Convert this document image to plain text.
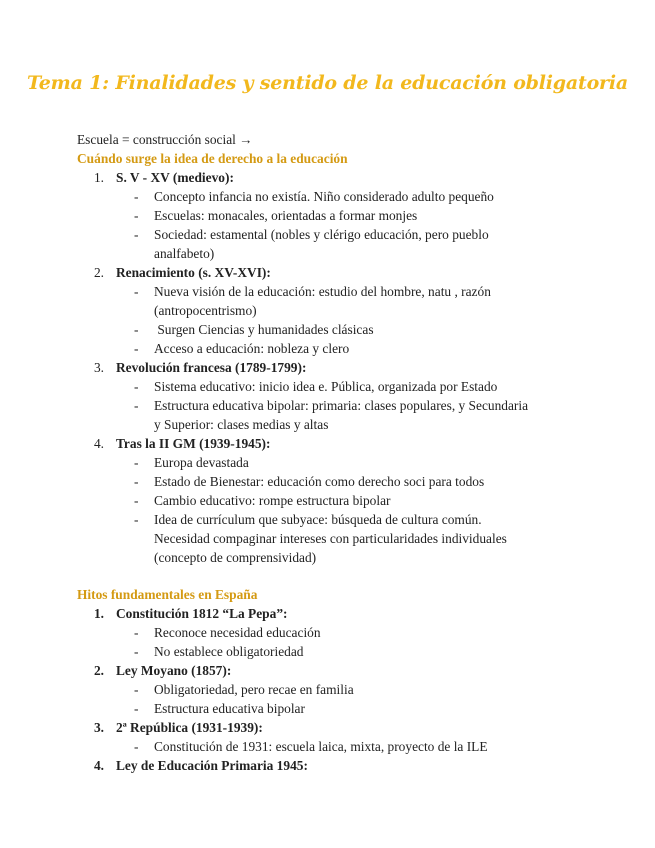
Tema 1: Finalidades y sentido de la educación obligatoria
Escuela = construcción social →
Cuándo surge la idea de derecho a la educación
1. S. V - XV (medievo):
- Concepto infancia no existía. Niño considerado adulto pequeño
- Escuelas: monacales, orientadas a formar monjes
- Sociedad: estamental (nobles y clérigo educación, pero pueblo
analfabeto)
2. Renacimiento (s. XV-XVI):
- Nueva visión de la educación: estudio del hombre, natu , razón
(antropocentrismo)
- Surgen Ciencias y humanidades clásicas
- Acceso a educación: nobleza y clero
3. Revolución francesa (1789-1799):
- Sistema educativo: inicio idea e. Pública, organizada por Estado
- Estructura educativa bipolar: primaria: clases populares, y Secundaria
y Superior: clases medias y altas
4. Tras la II GM (1939-1945):
- Europa devastada
- Estado de Bienestar: educación como derecho soci para todos
- Cambio educativo: rompe estructura bipolar
- Idea de currículum que subyace: búsqueda de cultura común.
Necesidad compaginar intereses con particularidades individuales
(concepto de comprensividad)
Hitos fundamentales en España
1. Constitución 1812 “La Pepa”:
- Reconoce necesidad educación
- No establece obligatoriedad
2. Ley Moyano (1857):
- Obligatoriedad, pero recae en familia
- Estructura educativa bipolar
3. 2ª República (1931-1939):
- Constitución de 1931: escuela laica, mixta, proyecto de la ILE
4. Ley de Educación Primaria 1945:
